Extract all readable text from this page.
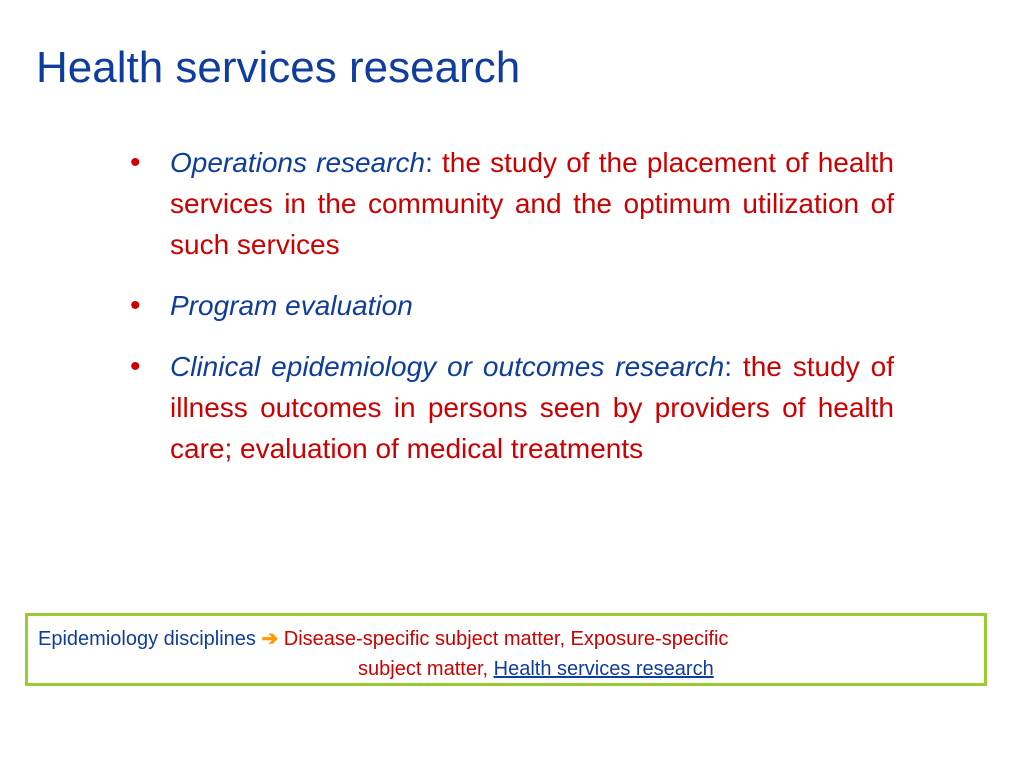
Health services research
•	Operations research: the study of the placement of health services in the community and the optimum utilization of such services
•	Program evaluation
•	Clinical epidemiology or outcomes research: the study of illness outcomes in persons seen by providers of health care; evaluation of medical treatments
Epidemiology disciplines ➔ Disease-specific subject matter, Exposure-specific
subject matter, Health services research
